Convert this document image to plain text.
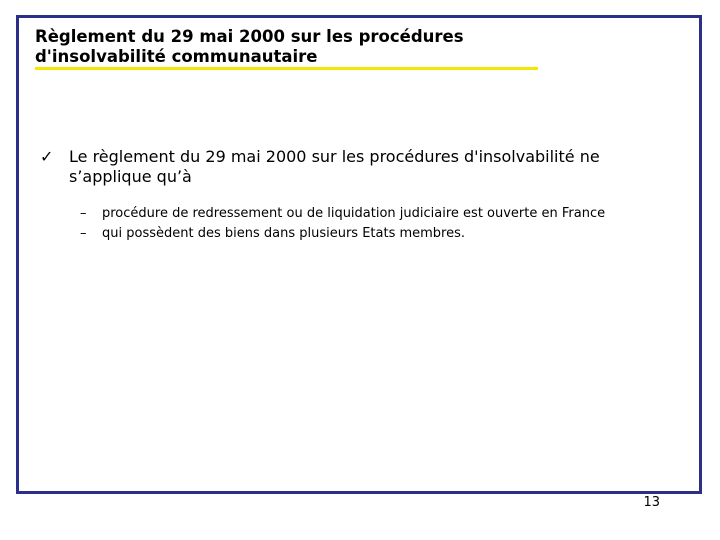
Règlement du 29 mai 2000 sur les procédures d'insolvabilité communautaire
✓ Le règlement du 29 mai 2000 sur les procédures d'insolvabilité ne s’applique qu’à
– procédure de redressement ou de liquidation judiciaire est ouverte en France
– qui possèdent des biens dans plusieurs Etats membres.
13
